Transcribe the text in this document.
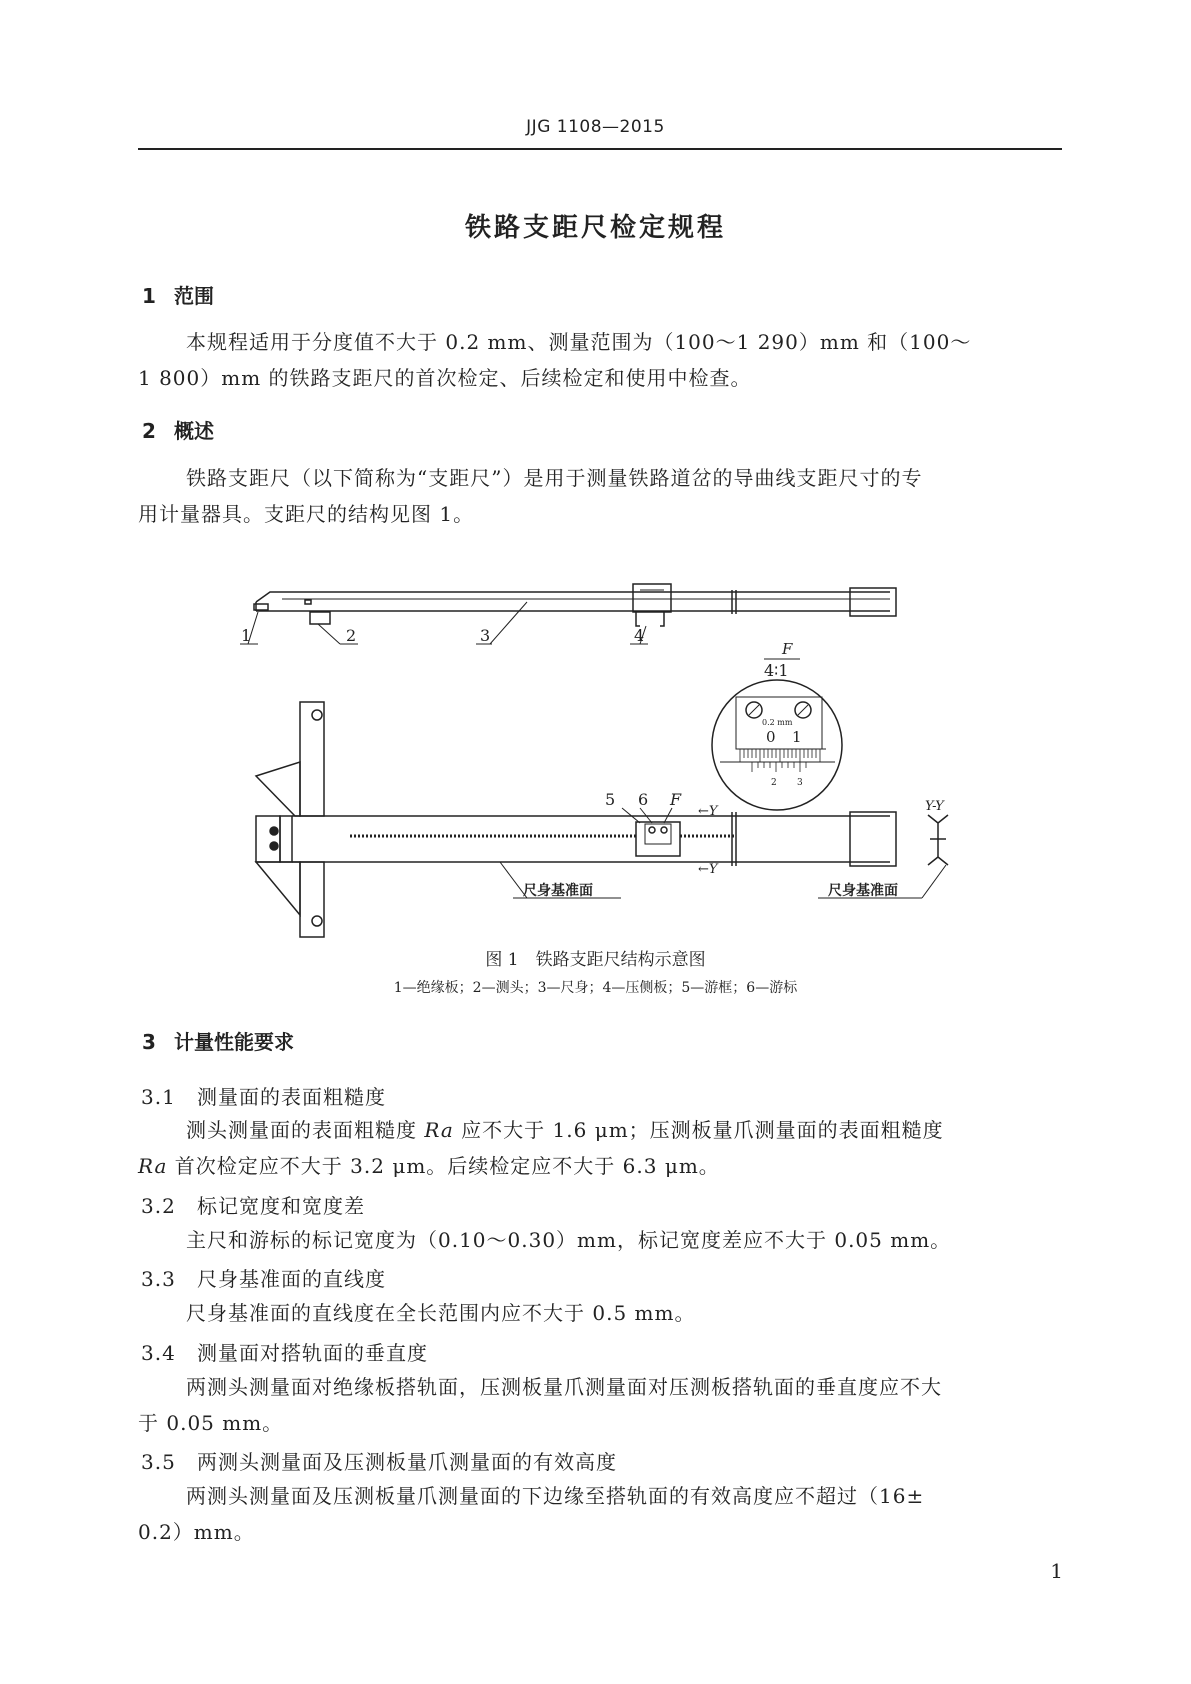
JJG 1108—2015
铁路支距尺检定规程
1 范围
本规程适用于分度值不大于 0.2 mm、测量范围为（100～1 290）mm 和（100～
1 800）mm 的铁路支距尺的首次检定、后续检定和使用中检查。
2 概述
铁路支距尺（以下简称为“支距尺”）是用于测量铁路道岔的导曲线支距尺寸的专
用计量器具。支距尺的结构见图 1。
1	2	3	4
F
4∶1
0.2 mm
0 1
2 3
5 6 F
←Y
←Y
Y-Y
尺身基准面	尺身基准面
图 1　铁路支距尺结构示意图
1—绝缘板；2—测头；3—尺身；4—压侧板；5—游框；6—游标
3 计量性能要求
3.1 测量面的表面粗糙度
测头测量面的表面粗糙度 Ra 应不大于 1.6 μm；压测板量爪测量面的表面粗糙度
Ra 首次检定应不大于 3.2 μm。后续检定应不大于 6.3 μm。
3.2 标记宽度和宽度差
主尺和游标的标记宽度为（0.10～0.30）mm，标记宽度差应不大于 0.05 mm。
3.3 尺身基准面的直线度
尺身基准面的直线度在全长范围内应不大于 0.5 mm。
3.4 测量面对搭轨面的垂直度
两测头测量面对绝缘板搭轨面，压测板量爪测量面对压测板搭轨面的垂直度应不大
于 0.05 mm。
3.5 两测头测量面及压测板量爪测量面的有效高度
两测头测量面及压测板量爪测量面的下边缘至搭轨面的有效高度应不超过（16±
0.2）mm。
1
